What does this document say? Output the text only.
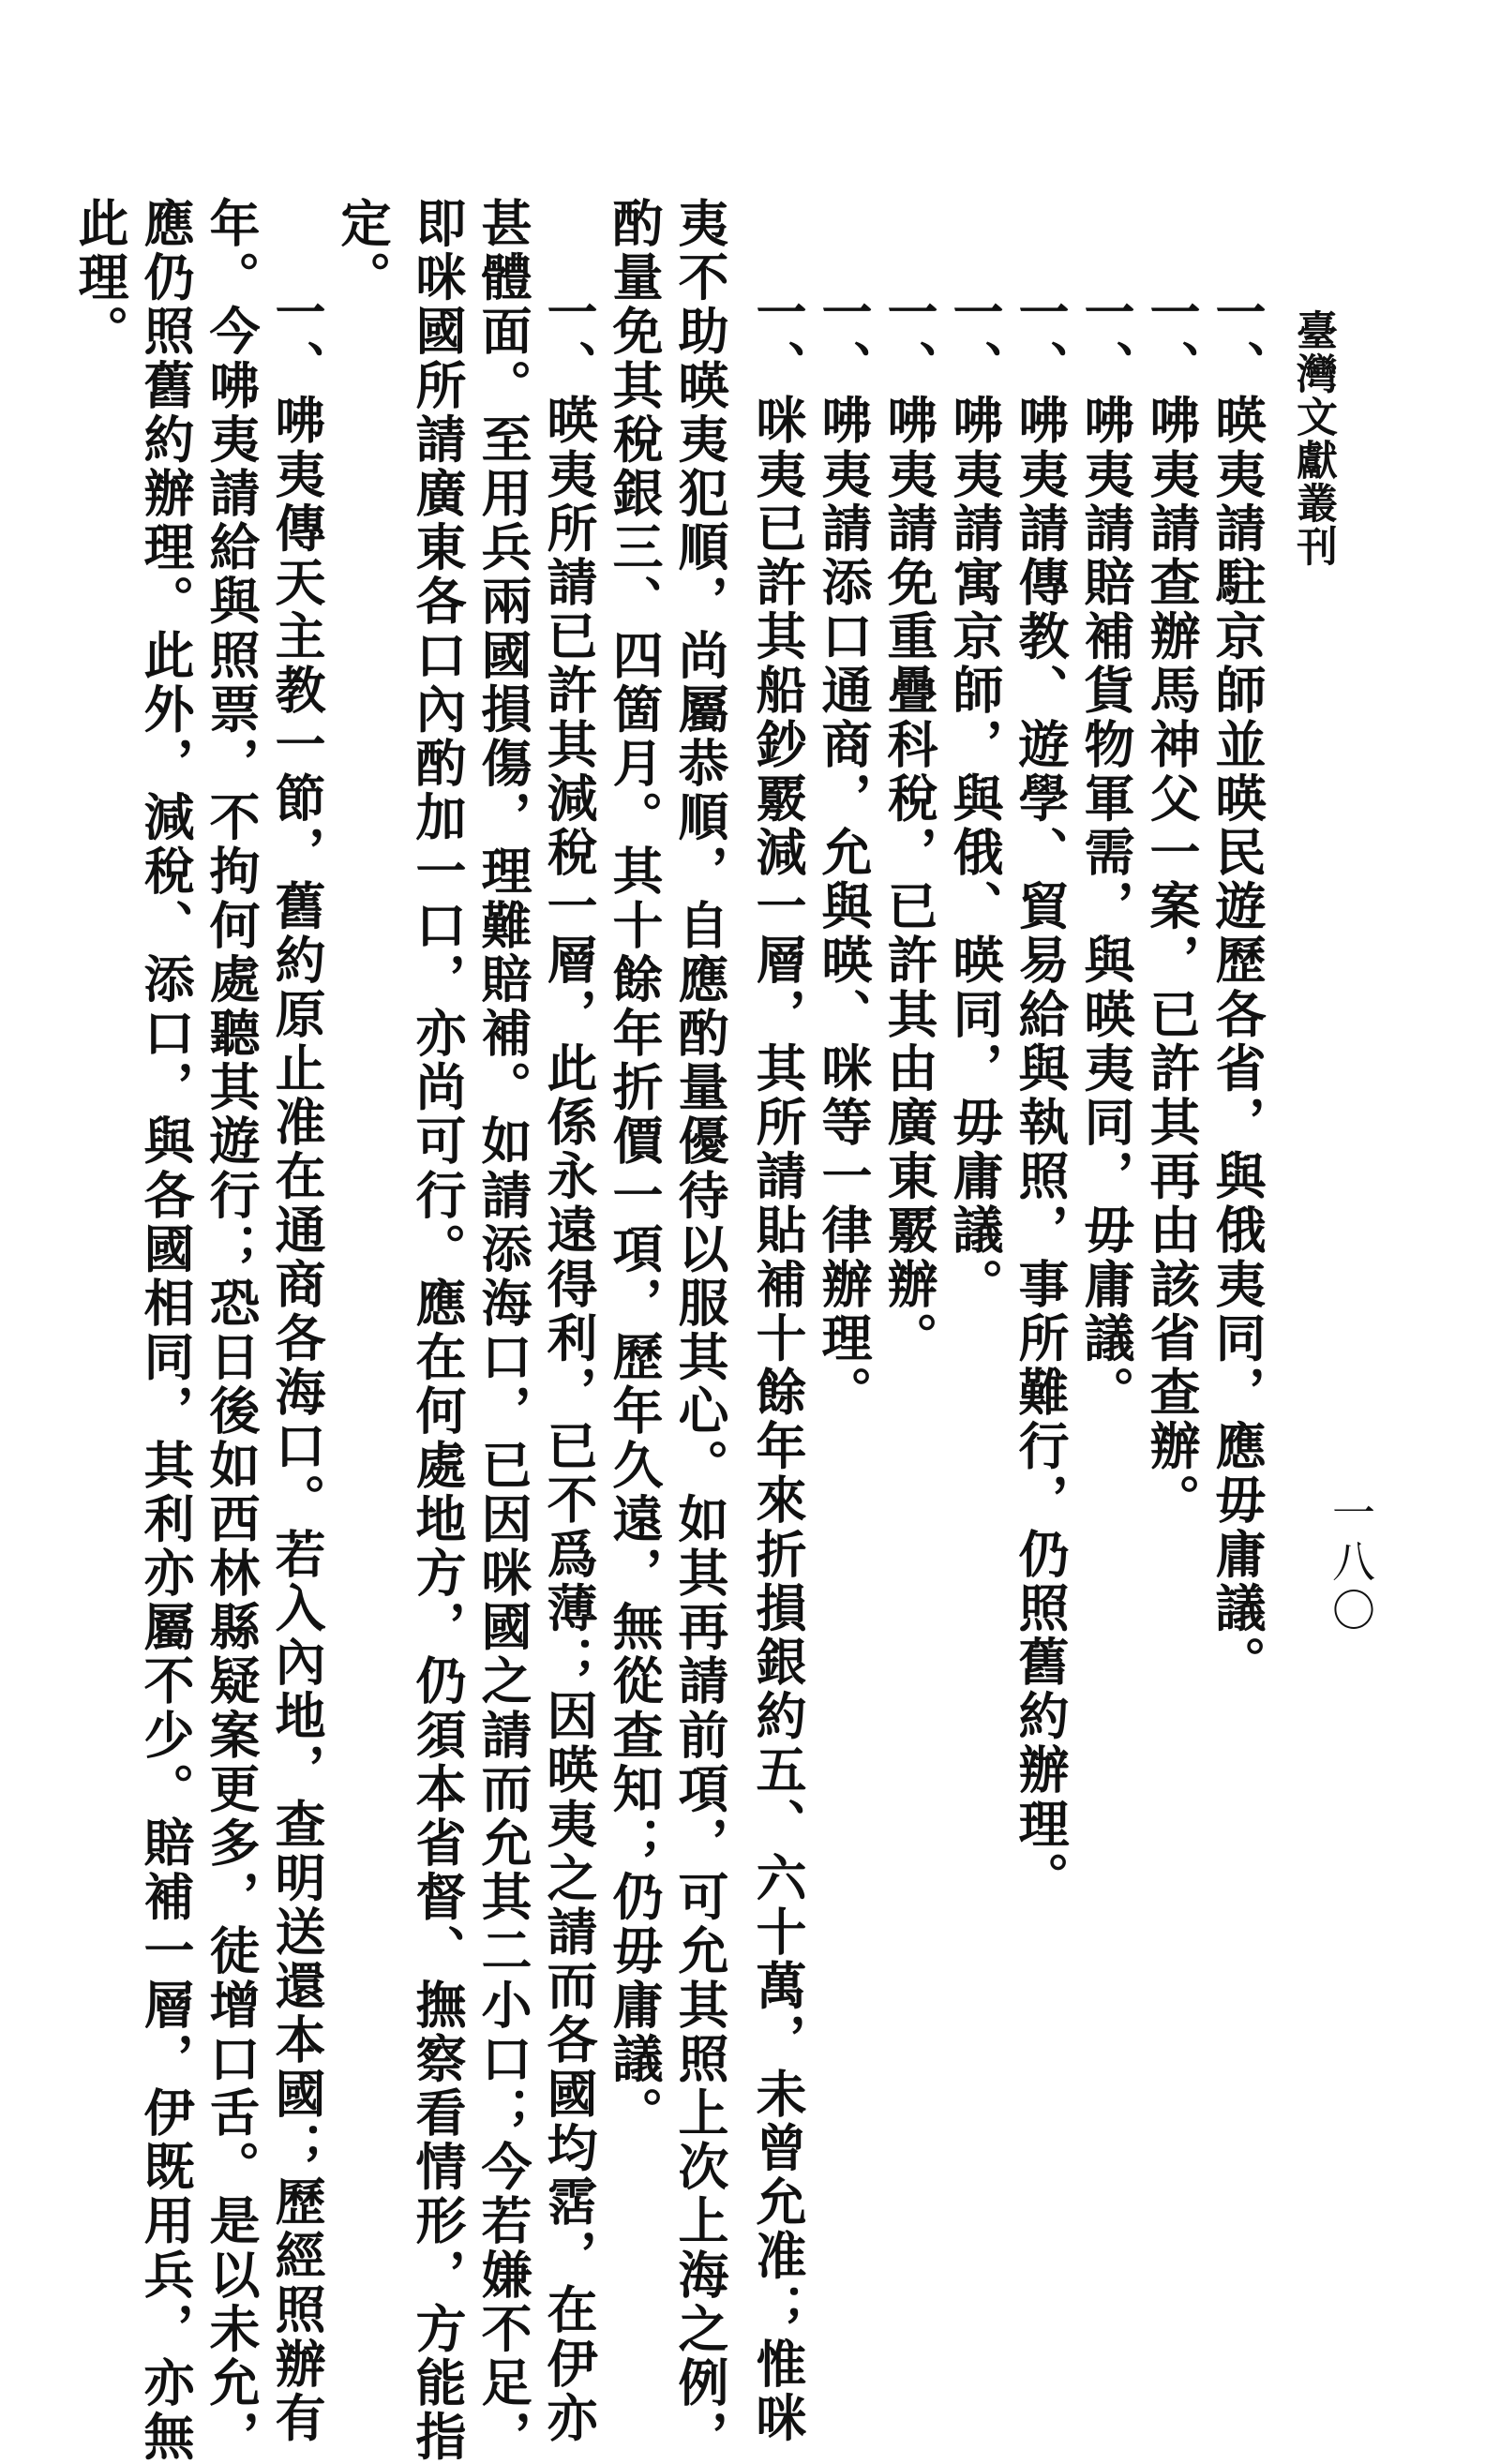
臺灣文獻叢刊
一八〇
一、暎夷請駐京師並暎民遊歷各省，與俄夷同，應毋庸議。
一、咈夷請查辦馬神父一案，已許其再由該省查辦。
一、咈夷請賠補貨物軍需，與暎夷同，毋庸議。
一、咈夷請傳教、遊學、貿易給與執照，事所難行，仍照舊約辦理。
一、咈夷請寓京師，與俄、暎同，毋庸議。
一、咈夷請免重疊科稅，已許其由廣東覈辦。
一、咈夷請添口通商，允與暎、咪等一律辦理。
一、咪夷已許其船鈔覈減一層，其所請貼補十餘年來折損銀約五、六十萬，未曾允准；惟咪
夷不助暎夷犯順，尚屬恭順，自應酌量優待以服其心。如其再請前項，可允其照上次上海之例，
酌量免其稅銀三、四箇月。其十餘年折價一項，歷年久遠，無從查知；仍毋庸議。
一、暎夷所請已許其減稅一層，此係永遠得利，已不爲薄；因暎夷之請而各國均霑，在伊亦
甚體面。至用兵兩國損傷，理難賠補。如請添海口，已因咪國之請而允其二小口；今若嫌不足，
即咪國所請廣東各口內酌加一口，亦尚可行。應在何處地方，仍須本省督、撫察看情形，方能指
定。
一、咈夷傳天主教一節，舊約原止准在通商各海口。若入內地，查明送還本國；歷經照辦有
年。今咈夷請給與照票，不拘何處聽其遊行；恐日後如西林縣疑案更多，徒增口舌。是以未允，
應仍照舊約辦理。此外，減稅、添口，與各國相同，其利亦屬不少。賠補一層，伊既用兵，亦無
此理。
